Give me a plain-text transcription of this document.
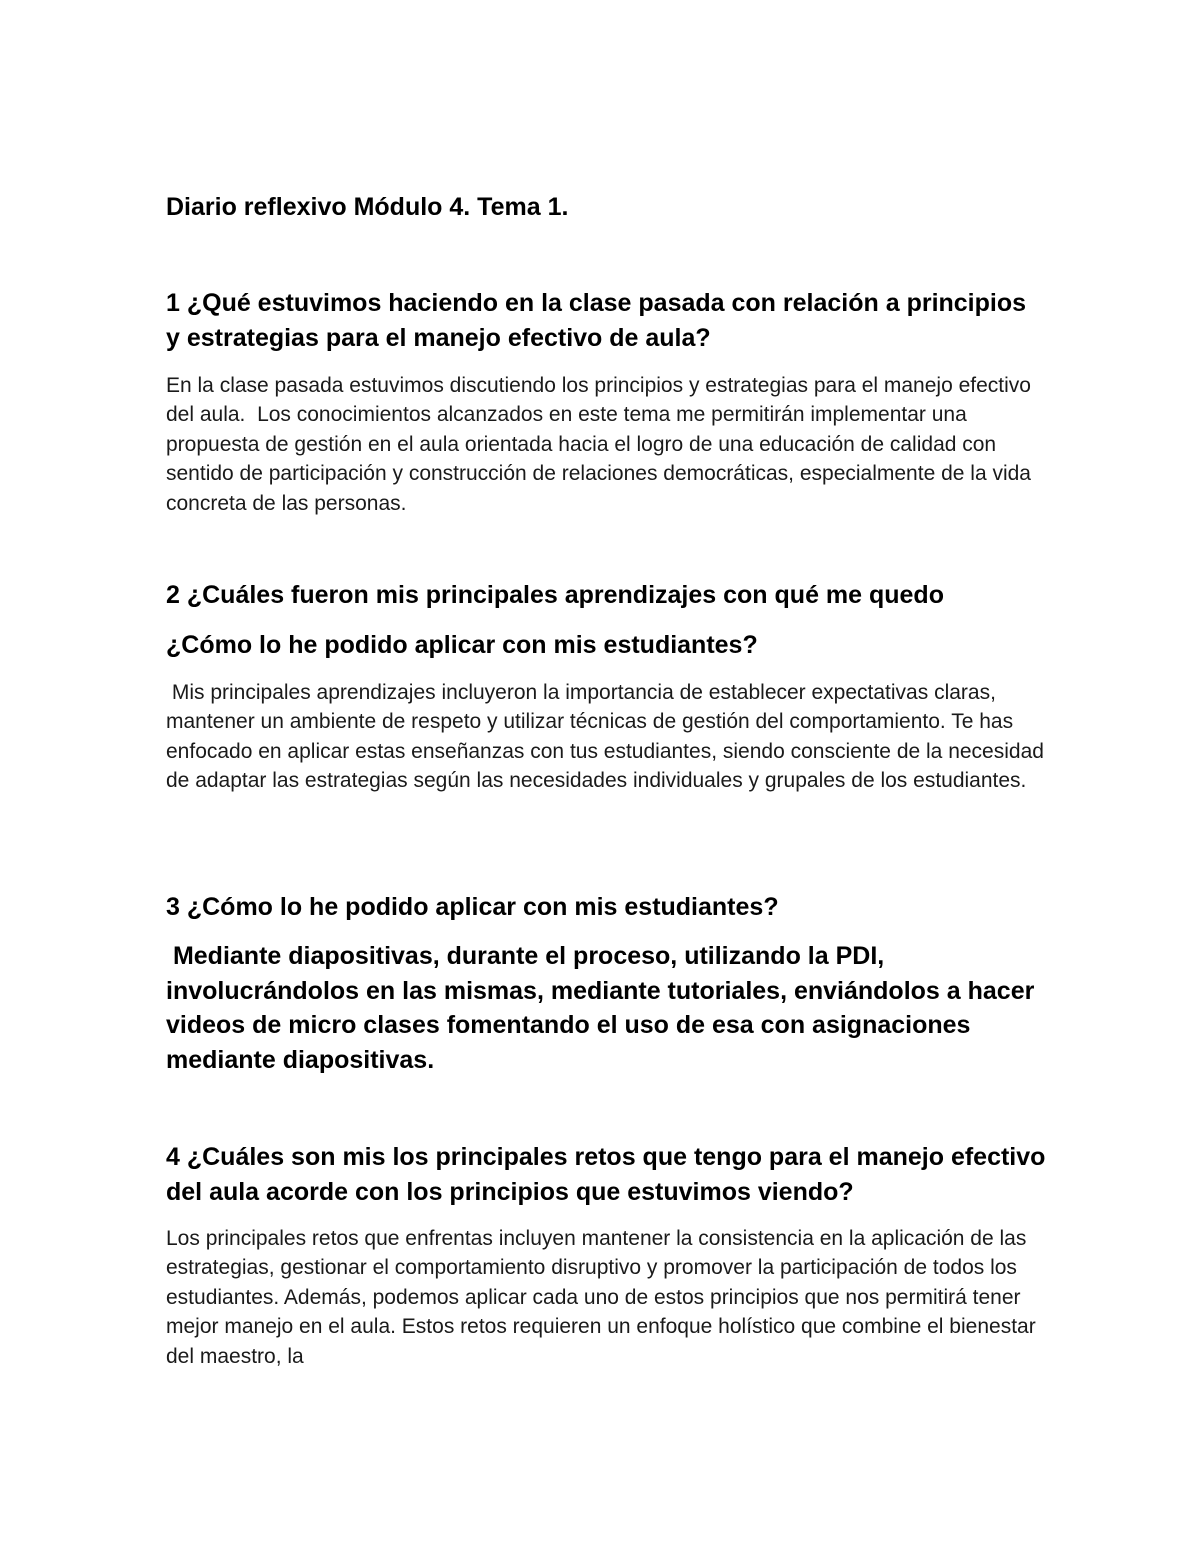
Diario reflexivo Módulo 4. Tema 1.
1 ¿Qué estuvimos haciendo en la clase pasada con relación a principios y estrategias para el manejo efectivo de aula?

En la clase pasada estuvimos discutiendo los principios y estrategias para el manejo efectivo del aula.  Los conocimientos alcanzados en este tema me permitirán implementar una propuesta de gestión en el aula orientada hacia el logro de una educación de calidad con sentido de participación y construcción de relaciones democráticas, especialmente de la vida concreta de las personas.

2 ¿Cuáles fueron mis principales aprendizajes con qué me quedo
¿Cómo lo he podido aplicar con mis estudiantes?

Mis principales aprendizajes incluyeron la importancia de establecer expectativas claras, mantener un ambiente de respeto y utilizar técnicas de gestión del comportamiento. Te has enfocado en aplicar estas enseñanzas con tus estudiantes, siendo consciente de la necesidad de adaptar las estrategias según las necesidades individuales y grupales de los estudiantes.

3 ¿Cómo lo he podido aplicar con mis estudiantes?

Mediante diapositivas, durante el proceso, utilizando la PDI, involucrándolos en las mismas, mediante tutoriales, enviándolos a hacer videos de micro clases fomentando el uso de esa con asignaciones mediante diapositivas.

4 ¿Cuáles son mis los principales retos que tengo para el manejo efectivo del aula acorde con los principios que estuvimos viendo?

Los principales retos que enfrentas incluyen mantener la consistencia en la aplicación de las estrategias, gestionar el comportamiento disruptivo y promover la participación de todos los estudiantes. Además, podemos aplicar cada uno de estos principios que nos permitirá tener mejor manejo en el aula. Estos retos requieren un enfoque holístico que combine el bienestar del maestro, la
